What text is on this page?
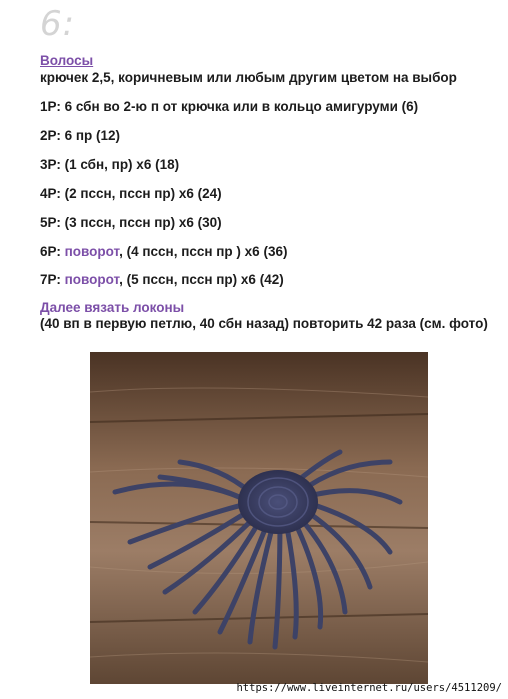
6:
Волосы
крючек 2,5, коричневым или любым другим цветом на выбор
1Р: 6 сбн во 2-ю п от крючка или в кольцо амигуруми (6)
2Р: 6 пр (12)
3Р: (1 сбн, пр) х6 (18)
4Р: (2 пссн, пссн пр) х6 (24)
5Р: (3 пссн, пссн пр) х6 (30)
6Р: поворот, (4 пссн, пссн пр ) х6 (36)
7Р: поворот, (5 пссн, пссн пр) х6 (42)
Далее вязать локоны
(40 вп в первую петлю, 40 сбн назад) повторить 42 раза (см. фото)
https://www.liveinternet.ru/users/4511209/
